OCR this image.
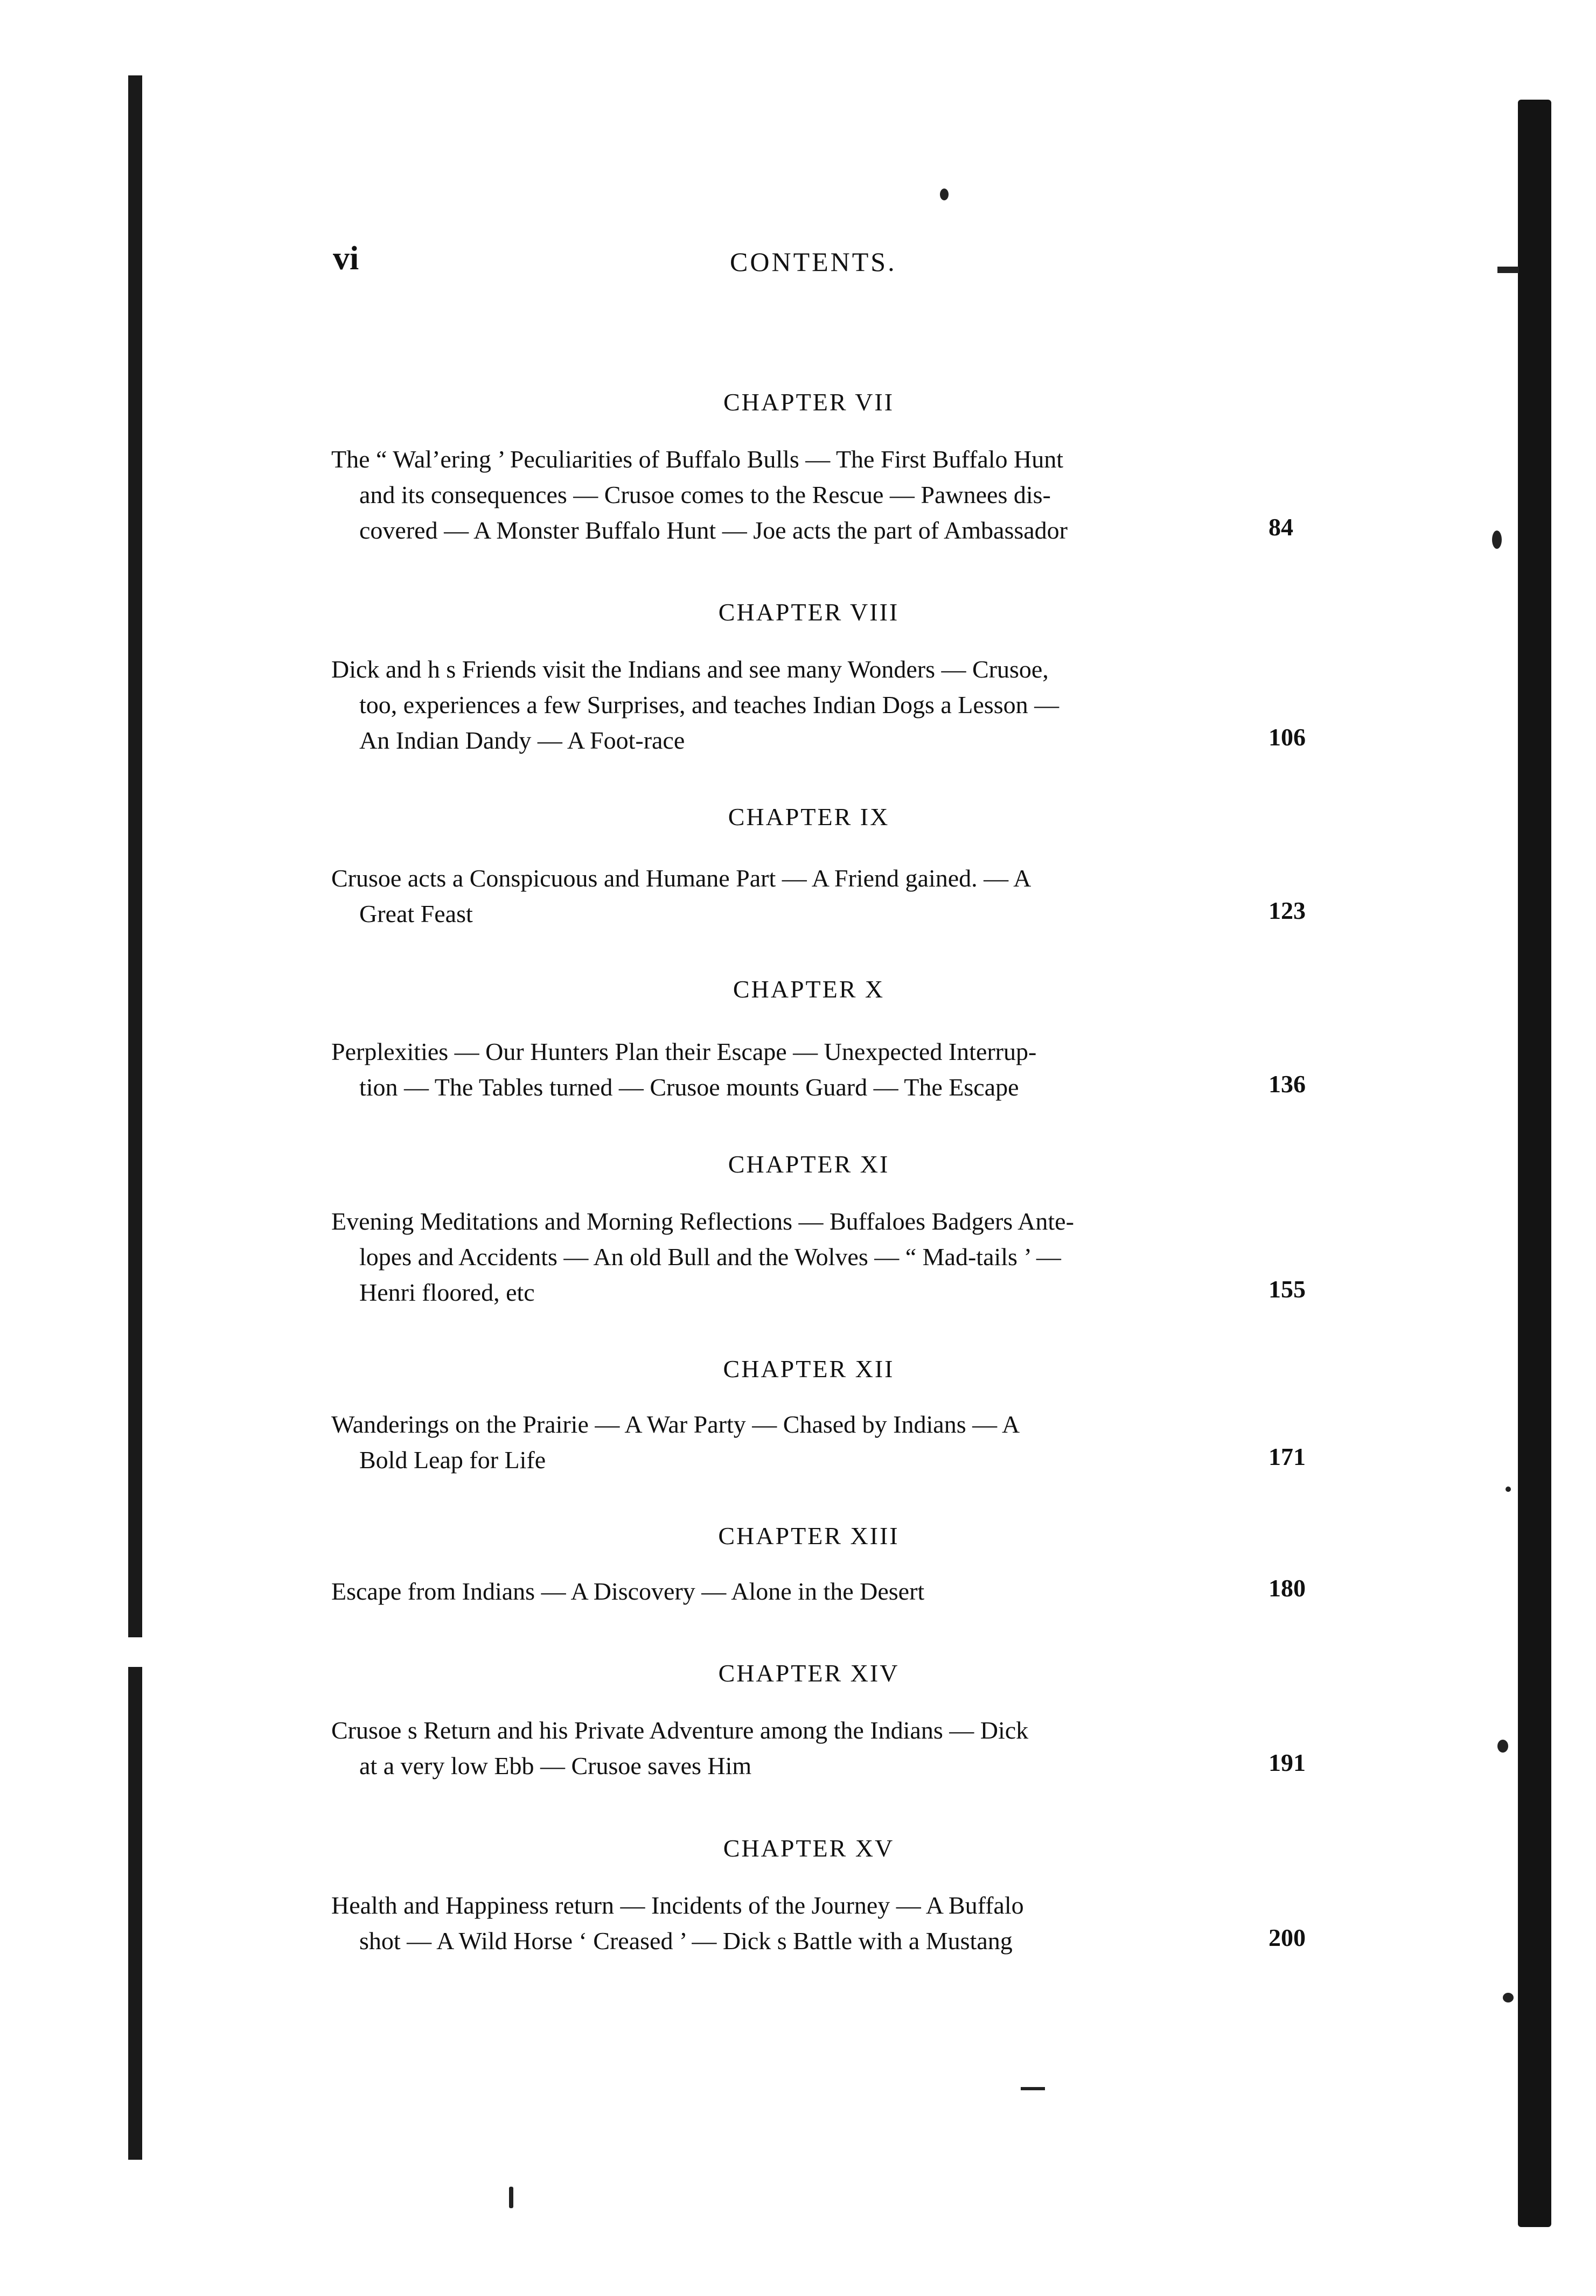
vi	CONTENTS.
CHAPTER VII
The “ Wal’ering ’ Peculiarities of Buffalo Bulls — The First Buffalo Hunt
and its consequences — Crusoe comes to the Rescue — Pawnees dis-
covered — A Monster Buffalo Hunt — Joe acts the part of Ambassador	84
CHAPTER VIII
Dick and h s Friends visit the Indians and see many Wonders — Crusoe,
too, experiences a few Surprises, and teaches Indian Dogs a Lesson —
An Indian Dandy — A Foot-race	106
CHAPTER IX
Crusoe acts a Conspicuous and Humane Part — A Friend gained. — A
Great Feast	123
CHAPTER X
Perplexities — Our Hunters Plan their Escape — Unexpected Interrup-
tion — The Tables turned — Crusoe mounts Guard — The Escape	136
CHAPTER XI
Evening Meditations and Morning Reflections — Buffaloes Badgers Ante-
lopes and Accidents — An old Bull and the Wolves — “ Mad-tails ’ —
Henri floored, etc	155
CHAPTER XII
Wanderings on the Prairie — A War Party — Chased by Indians — A
Bold Leap for Life	171
CHAPTER XIII
Escape from Indians — A Discovery — Alone in the Desert	180
CHAPTER XIV
Crusoe s Return and his Private Adventure among the Indians — Dick
at a very low Ebb — Crusoe saves Him	191
CHAPTER XV
Health and Happiness return — Incidents of the Journey — A Buffalo
shot — A Wild Horse ‘ Creased ’ — Dick s Battle with a Mustang	200
